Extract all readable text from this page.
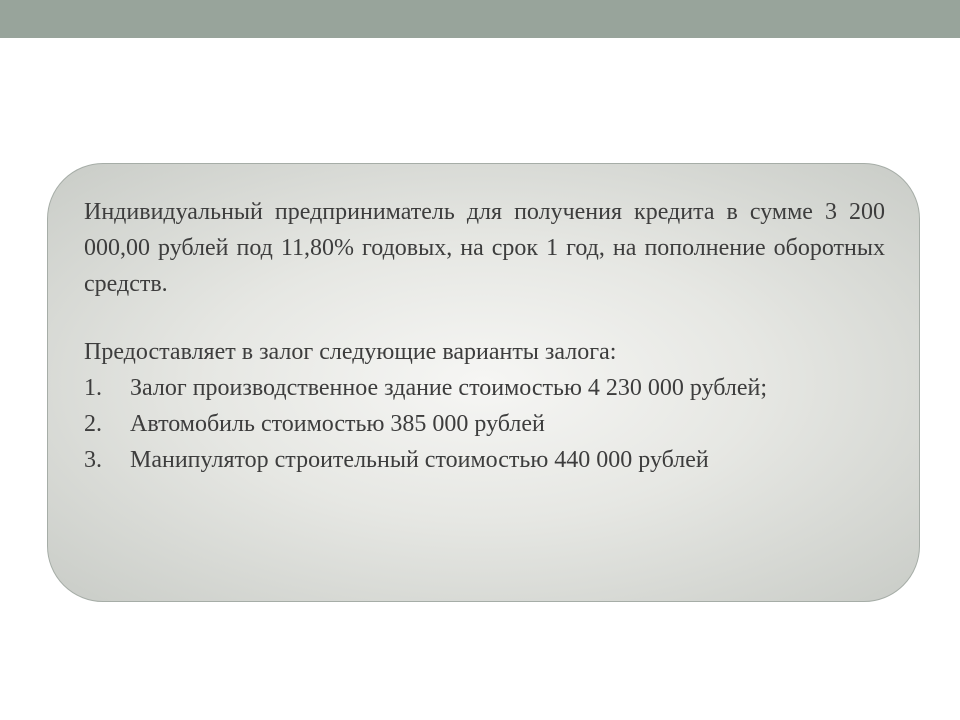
Индивидуальный предприниматель для получения кредита в сумме 3 200 000,00 рублей под 11,80% годовых, на срок 1 год, на пополнение оборотных средств.

Предоставляет в залог следующие варианты залога:

1.	Залог производственное здание стоимостью 4 230 000 рублей;
2.	Автомобиль стоимостью 385 000 рублей
3.	Манипулятор строительный стоимостью 440 000 рублей
